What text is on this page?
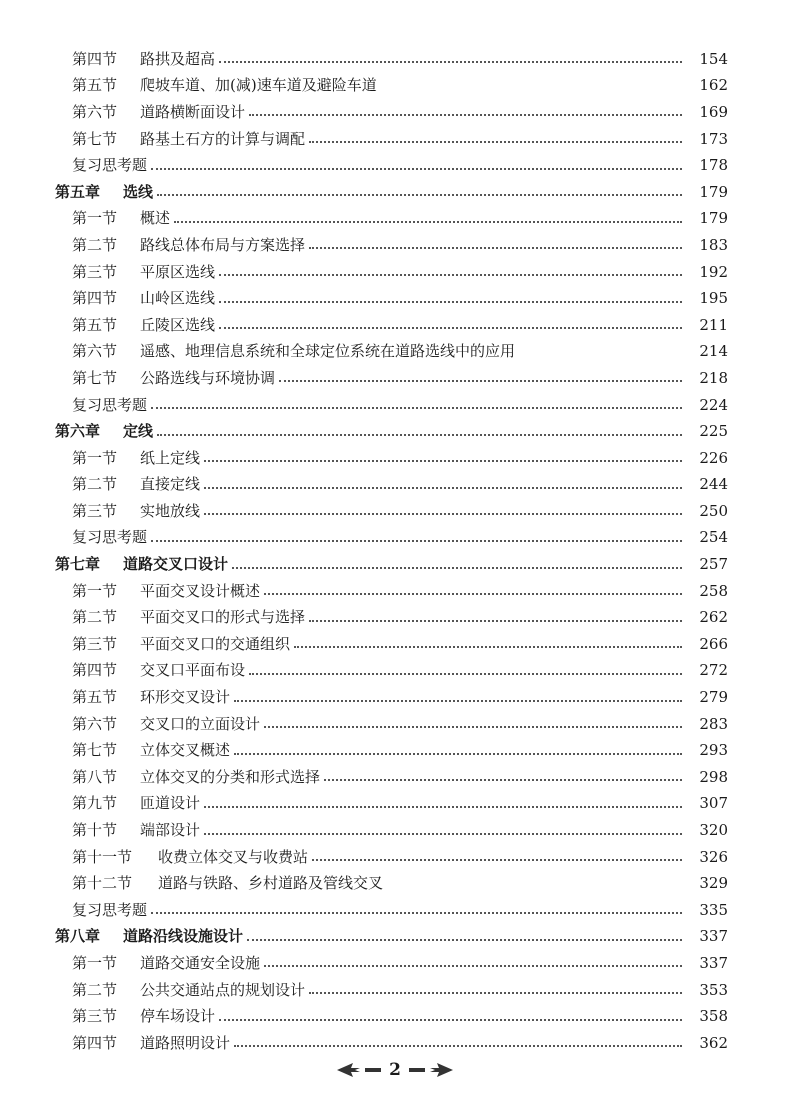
第四节	路拱及超高	154
第五节	爬坡车道、加(减)速车道及避险车道	162
第六节	道路横断面设计	169
第七节	路基土石方的计算与调配	173
复习思考题	178
第五章	选线	179
第一节	概述	179
第二节	路线总体布局与方案选择	183
第三节	平原区选线	192
第四节	山岭区选线	195
第五节	丘陵区选线	211
第六节	遥感、地理信息系统和全球定位系统在道路选线中的应用	214
第七节	公路选线与环境协调	218
复习思考题	224
第六章	定线	225
第一节	纸上定线	226
第二节	直接定线	244
第三节	实地放线	250
复习思考题	254
第七章	道路交叉口设计	257
第一节	平面交叉设计概述	258
第二节	平面交叉口的形式与选择	262
第三节	平面交叉口的交通组织	266
第四节	交叉口平面布设	272
第五节	环形交叉设计	279
第六节	交叉口的立面设计	283
第七节	立体交叉概述	293
第八节	立体交叉的分类和形式选择	298
第九节	匝道设计	307
第十节	端部设计	320
第十一节	收费立体交叉与收费站	326
第十二节	道路与铁路、乡村道路及管线交叉	329
复习思考题	335
第八章	道路沿线设施设计	337
第一节	道路交通安全设施	337
第二节	公共交通站点的规划设计	353
第三节	停车场设计	358
第四节	道路照明设计	362
2
